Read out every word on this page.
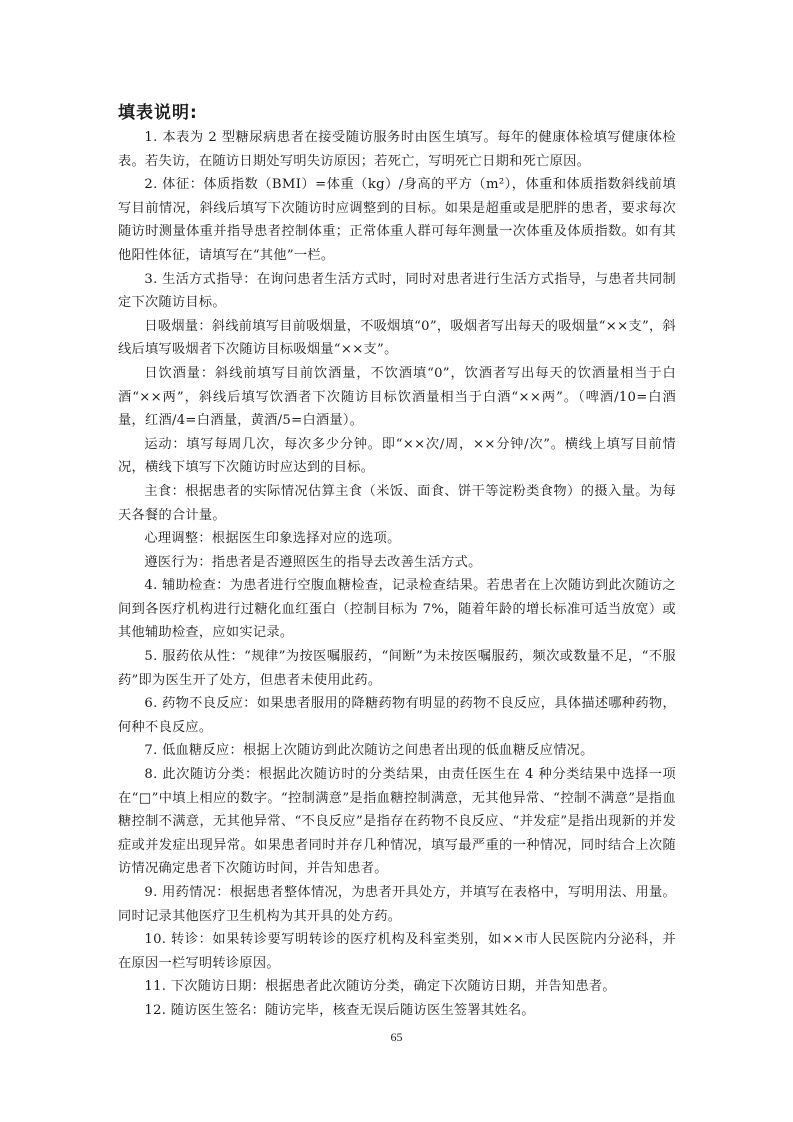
填表说明:

1. 本表为 2 型糖尿病患者在接受随访服务时由医生填写。每年的健康体检填写健康体检表。若失访，在随访日期处写明失访原因；若死亡，写明死亡日期和死亡原因。

2. 体征：体质指数（BMI）=体重（kg）/身高的平方（m²），体重和体质指数斜线前填写目前情况，斜线后填写下次随访时应调整到的目标。如果是超重或是肥胖的患者，要求每次随访时测量体重并指导患者控制体重；正常体重人群可每年测量一次体重及体质指数。如有其他阳性体征，请填写在“其他”一栏。

3. 生活方式指导：在询问患者生活方式时，同时对患者进行生活方式指导，与患者共同制定下次随访目标。

日吸烟量：斜线前填写目前吸烟量，不吸烟填“0”，吸烟者写出每天的吸烟量“××支”，斜线后填写吸烟者下次随访目标吸烟量“××支”。

日饮酒量：斜线前填写目前饮酒量，不饮酒填“0”，饮酒者写出每天的饮酒量相当于白酒“××两”，斜线后填写饮酒者下次随访目标饮酒量相当于白酒“××两”。（啤酒/10=白酒量，红酒/4=白酒量，黄酒/5=白酒量）。

运动：填写每周几次，每次多少分钟。即“××次/周，××分钟/次”。横线上填写目前情况，横线下填写下次随访时应达到的目标。

主食：根据患者的实际情况估算主食（米饭、面食、饼干等淀粉类食物）的摄入量。为每天各餐的合计量。

心理调整：根据医生印象选择对应的选项。

遵医行为：指患者是否遵照医生的指导去改善生活方式。

4. 辅助检查：为患者进行空腹血糖检查，记录检查结果。若患者在上次随访到此次随访之间到各医疗机构进行过糖化血红蛋白（控制目标为 7%，随着年龄的增长标准可适当放宽）或其他辅助检查，应如实记录。

5. 服药依从性：“规律”为按医嘱服药，“间断”为未按医嘱服药，频次或数量不足，“不服药”即为医生开了处方，但患者未使用此药。

6. 药物不良反应：如果患者服用的降糖药物有明显的药物不良反应，具体描述哪种药物，何种不良反应。

7. 低血糖反应：根据上次随访到此次随访之间患者出现的低血糖反应情况。

8. 此次随访分类：根据此次随访时的分类结果，由责任医生在 4 种分类结果中选择一项在“□”中填上相应的数字。“控制满意”是指血糖控制满意，无其他异常、“控制不满意”是指血糖控制不满意，无其他异常、“不良反应”是指存在药物不良反应、“并发症”是指出现新的并发症或并发症出现异常。如果患者同时并存几种情况，填写最严重的一种情况，同时结合上次随访情况确定患者下次随访时间，并告知患者。

9. 用药情况：根据患者整体情况，为患者开具处方，并填写在表格中，写明用法、用量。同时记录其他医疗卫生机构为其开具的处方药。

10. 转诊：如果转诊要写明转诊的医疗机构及科室类别，如××市人民医院内分泌科，并在原因一栏写明转诊原因。

11. 下次随访日期：根据患者此次随访分类，确定下次随访日期，并告知患者。

12. 随访医生签名：随访完毕，核查无误后随访医生签署其姓名。

65
